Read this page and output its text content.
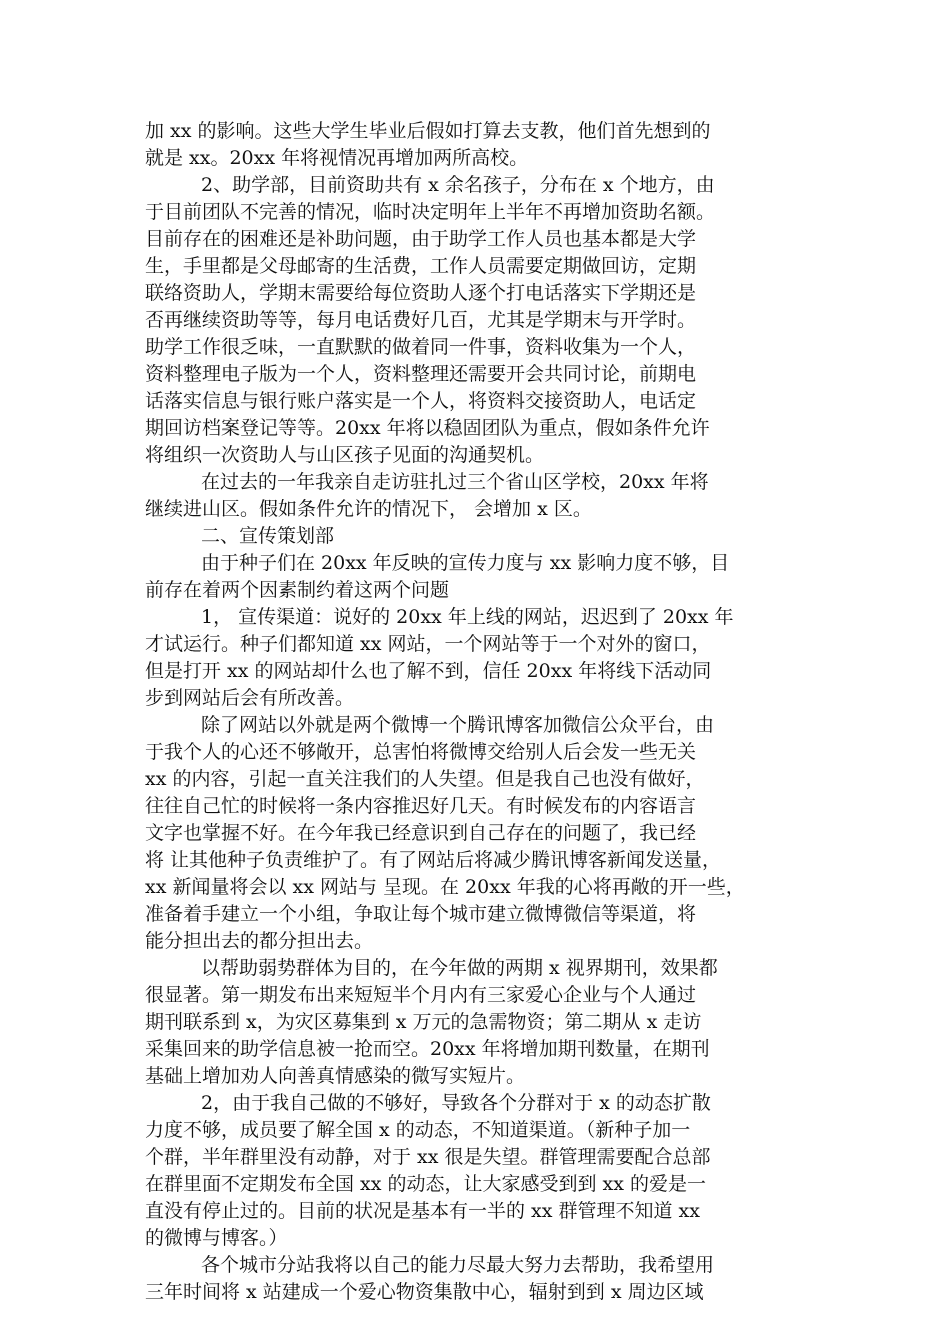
加 xx 的影响。这些大学生毕业后假如打算去支教，他们首先想到的
就是 xx。20xx 年将视情况再增加两所高校。
2、助学部，目前资助共有 x 余名孩子，分布在 x 个地方，由
于目前团队不完善的情况，临时决定明年上半年不再增加资助名额。
目前存在的困难还是补助问题，由于助学工作人员也基本都是大学
生，手里都是父母邮寄的生活费，工作人员需要定期做回访，定期
联络资助人，学期末需要给每位资助人逐个打电话落实下学期还是
否再继续资助等等，每月电话费好几百，尤其是学期末与开学时。
助学工作很乏味，一直默默的做着同一件事，资料收集为一个人，
资料整理电子版为一个人，资料整理还需要开会共同讨论，前期电
话落实信息与银行账户落实是一个人，将资料交接资助人，电话定
期回访档案登记等等。20xx 年将以稳固团队为重点，假如条件允许
将组织一次资助人与山区孩子见面的沟通契机。
在过去的一年我亲自走访驻扎过三个省山区学校，20xx 年将
继续进山区。假如条件允许的情况下， 会增加 x 区。
二、宣传策划部
由于种子们在 20xx 年反映的宣传力度与 xx 影响力度不够，目
前存在着两个因素制约着这两个问题
1， 宣传渠道：说好的 20xx 年上线的网站，迟迟到了 20xx 年
才试运行。种子们都知道 xx 网站，一个网站等于一个对外的窗口，
但是打开 xx 的网站却什么也了解不到，信任 20xx 年将线下活动同
步到网站后会有所改善。
除了网站以外就是两个微博一个腾讯博客加微信公众平台，由
于我个人的心还不够敞开，总害怕将微博交给别人后会发一些无关
xx 的内容，引起一直关注我们的人失望。但是我自己也没有做好，
往往自己忙的时候将一条内容推迟好几天。有时候发布的内容语言
文字也掌握不好。在今年我已经意识到自己存在的问题了，我已经
将 让其他种子负责维护了。有了网站后将减少腾讯博客新闻发送量，
xx 新闻量将会以 xx 网站与 呈现。在 20xx 年我的心将再敞的开一些，
准备着手建立一个小组，争取让每个城市建立微博微信等渠道，将
能分担出去的都分担出去。
以帮助弱势群体为目的，在今年做的两期 x 视界期刊，效果都
很显著。第一期发布出来短短半个月内有三家爱心企业与个人通过
期刊联系到 x，为灾区募集到 x 万元的急需物资；第二期从 x 走访
采集回来的助学信息被一抢而空。20xx 年将增加期刊数量，在期刊
基础上增加劝人向善真情感染的微写实短片。
2，由于我自己做的不够好，导致各个分群对于 x 的动态扩散
力度不够，成员要了解全国 x 的动态，不知道渠道。（新种子加一
个群，半年群里没有动静，对于 xx 很是失望。群管理需要配合总部
在群里面不定期发布全国 xx 的动态，让大家感受到到 xx 的爱是一
直没有停止过的。目前的状况是基本有一半的 xx 群管理不知道 xx
的微博与博客。）
各个城市分站我将以自己的能力尽最大努力去帮助，我希望用
三年时间将 x 站建成一个爱心物资集散中心，辐射到到 x 周边区域
